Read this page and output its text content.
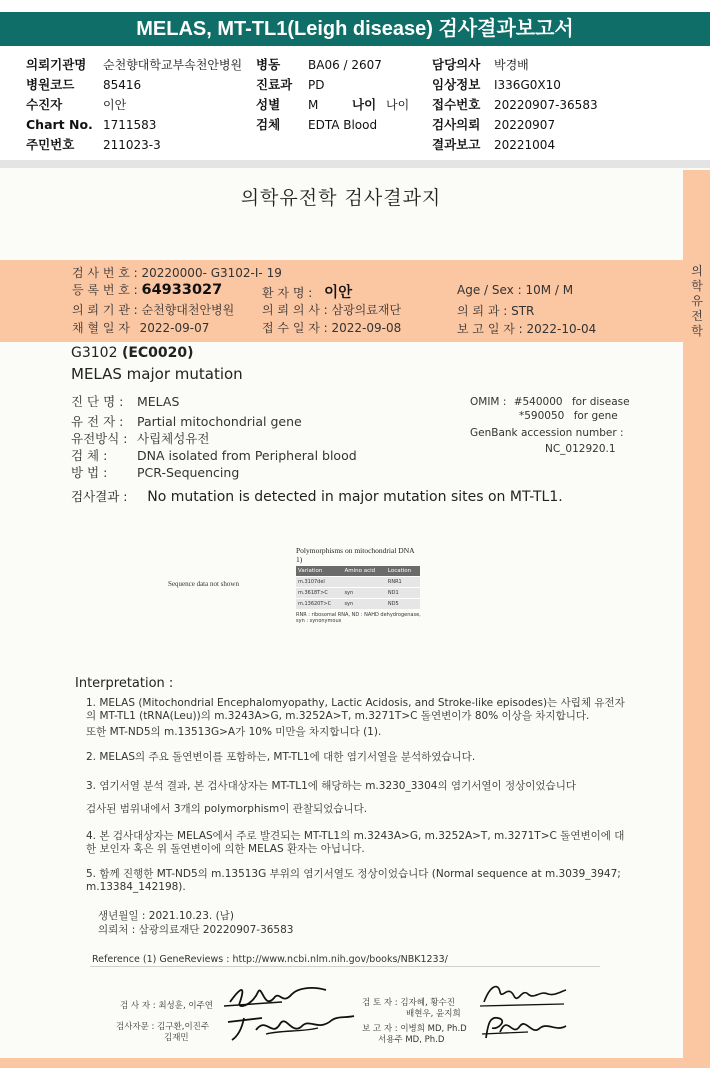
MELAS, MT-TL1(Leigh disease) 검사결과보고서
의뢰기관명 순천향대학교부속천안병원
병원코드 85416
수진자	이안
Chart No. 1711583
주민번호 211023-3
병동 BA06 / 2607
진료과 PD
성별 M	나이 나이
검체 EDTA Blood
담당의사 박경배
임상정보 I336G0X10
접수번호 20220907-36583
검사의뢰 20220907
결과보고 20221004
의학유전학 검사결과지
의
학
유
전
학
검 사 번 호 : 20220000- G3102-I- 19
등 록 번 호 : 64933027	환 자 명 : 이안	Age / Sex : 10M / M
의 뢰 기 관 : 순천향대천안병원 의 뢰 의 사 : 삼광의료재단	의 뢰 과 : STR
채 혈 일 자 2022-09-07	접 수 일 자 : 2022-09-08	보 고 일 자 : 2022-10-04
G3102 (EC0020)
MELAS major mutation
진 단 명 : MELAS
유 전 자 : Partial mitochondrial gene
유전방식 : 사립체성유전
검 체 : DNA isolated from Peripheral blood
방 법 : PCR-Sequencing
OMIM : #540000 for disease
*590050 for gene
GenBank accession number :
NC_012920.1
검사결과 : No mutation is detected in major mutation sites on MT-TL1.
Sequence data not shown
Polymorphisms on mitochondrial DNA 1)
Variation	Amino acid	Location
m.3107del		RNR1
m.3618T>C	syn	ND1
m.13620T>C	syn	ND5
RNR : ribosomal RNA, ND : NAHD dehydrogenase,
syn : synonymous
Interpretation :

1. MELAS (Mitochondrial Encephalomyopathy, Lactic Acidosis, and Stroke-like episodes)는 사립체 유전자의 MT-TL1 (tRNA(Leu))의 m.3243A>G, m.3252A>T, m.3271T>C 돌연변이가 80% 이상을 차지합니다.

또한 MT-ND5의 m.13513G>A가 10% 미만을 차지합니다 (1).

2. MELAS의 주요 돌연변이를 포함하는, MT-TL1에 대한 염기서열을 분석하였습니다.

3. 염기서열 분석 결과, 본 검사대상자는 MT-TL1에 해당하는 m.3230_3304의 염기서열이 정상이었습니다

검사된 범위내에서 3개의 polymorphism이 관찰되었습니다.

4. 본 검사대상자는 MELAS에서 주로 발견되는 MT-TL1의 m.3243A>G, m.3252A>T, m.3271T>C 돌연변이에 대한 보인자 혹은 위 돌연변이에 의한 MELAS 환자는 아닙니다.

5. 함께 진행한 MT-ND5의 m.13513G 부위의 염기서열도 정상이었습니다 (Normal sequence at m.3039_3947; m.13384_142198).

생년월일 : 2021.10.23. (남)
의뢰처 : 삼광의료재단 20220907-36583
Reference (1) GeneReviews : http://www.ncbi.nlm.nih.gov/books/NBK1233/
검 사 자 : 최성훈, 이주연
검사자문 : 김구환,이진주
김재민
검 토 자 : 김자혜, 황수진
배현우, 윤지희
보 고 자 : 이병희 MD, Ph.D
서용주 MD, Ph.D
